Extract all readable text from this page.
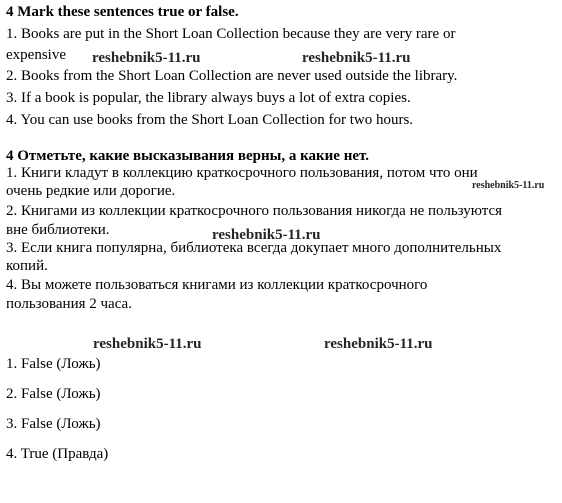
4 Mark these sentences true or false.
1. Books are put in the Short Loan Collection because they are very rare or
expensive
2. Books from the Short Loan Collection are never used outside the library.
3. If a book is popular, the library always buys a lot of extra copies.
4. You can use books from the Short Loan Collection for two hours.
4 Отметьте, какие высказывания верны, а какие нет.
1. Книги кладут в коллекцию краткосрочного пользования, потом что они
очень редкие или дорогие.
2. Книгами из коллекции краткосрочного пользования никогда не пользуются
вне библиотеки.
3. Если книга популярна, библиотека всегда докупает много дополнительных
копий.
4. Вы можете пользоваться книгами из коллекции краткосрочного
пользования 2 часа.
1. False (Ложь)
2. False (Ложь)
3. False (Ложь)
4. True (Правда)
reshebnik5-11.ru	reshebnik5-11.ru
reshebnik5-11.ru
reshebnik5-11.ru
reshebnik5-11.ru	reshebnik5-11.ru
